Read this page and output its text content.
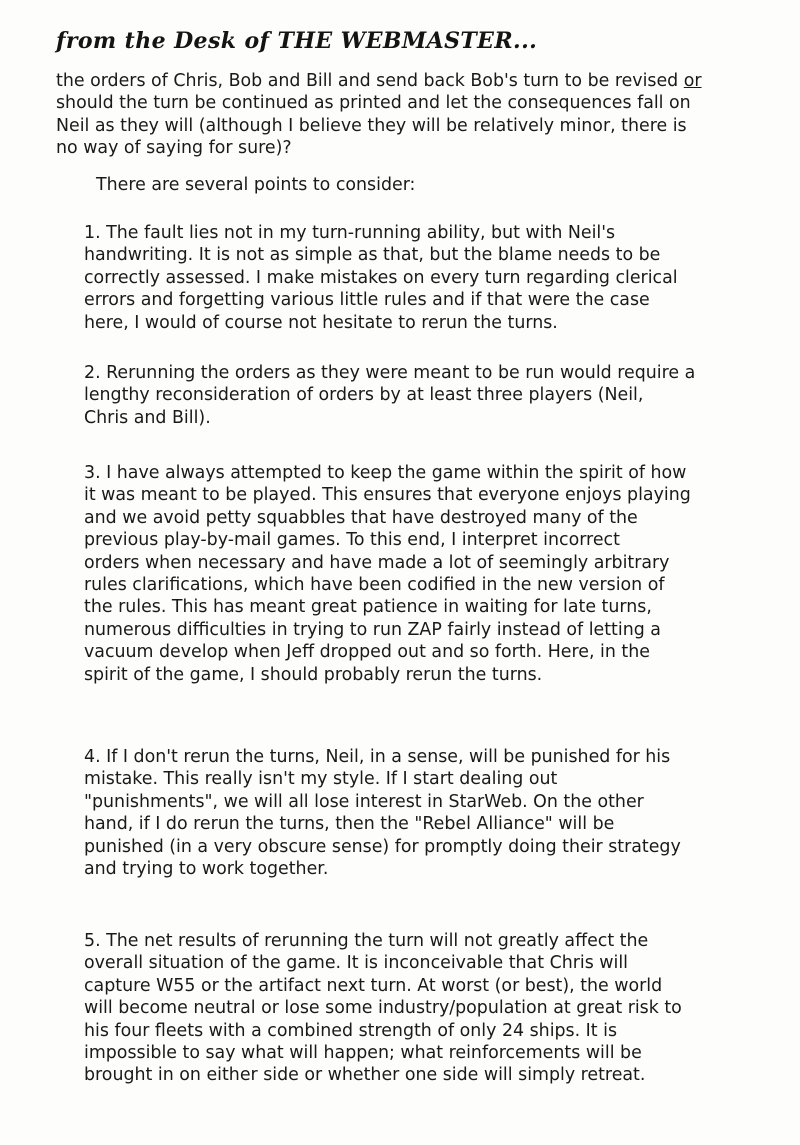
from the Desk of THE WEBMASTER...
the orders of Chris, Bob and Bill and send back Bob's turn to be revised or
should the turn be continued as printed and let the consequences fall on
Neil as they will (although I believe they will be relatively minor, there is
no way of saying for sure)?
There are several points to consider:
1. The fault lies not in my turn-running ability, but with Neil's
handwriting. It is not as simple as that, but the blame needs to be
correctly assessed. I make mistakes on every turn regarding clerical
errors and forgetting various little rules and if that were the case
here, I would of course not hesitate to rerun the turns.
2. Rerunning the orders as they were meant to be run would require a
lengthy reconsideration of orders by at least three players (Neil,
Chris and Bill).
3. I have always attempted to keep the game within the spirit of how
it was meant to be played. This ensures that everyone enjoys playing
and we avoid petty squabbles that have destroyed many of the
previous play-by-mail games. To this end, I interpret incorrect
orders when necessary and have made a lot of seemingly arbitrary
rules clarifications, which have been codified in the new version of
the rules. This has meant great patience in waiting for late turns,
numerous difficulties in trying to run ZAP fairly instead of letting a
vacuum develop when Jeff dropped out and so forth. Here, in the
spirit of the game, I should probably rerun the turns.
4. If I don't rerun the turns, Neil, in a sense, will be punished for his
mistake. This really isn't my style. If I start dealing out
"punishments", we will all lose interest in StarWeb. On the other
hand, if I do rerun the turns, then the "Rebel Alliance" will be
punished (in a very obscure sense) for promptly doing their strategy
and trying to work together.
5. The net results of rerunning the turn will not greatly affect the
overall situation of the game. It is inconceivable that Chris will
capture W55 or the artifact next turn. At worst (or best), the world
will become neutral or lose some industry/population at great risk to
his four fleets with a combined strength of only 24 ships. It is
impossible to say what will happen; what reinforcements will be
brought in on either side or whether one side will simply retreat.
